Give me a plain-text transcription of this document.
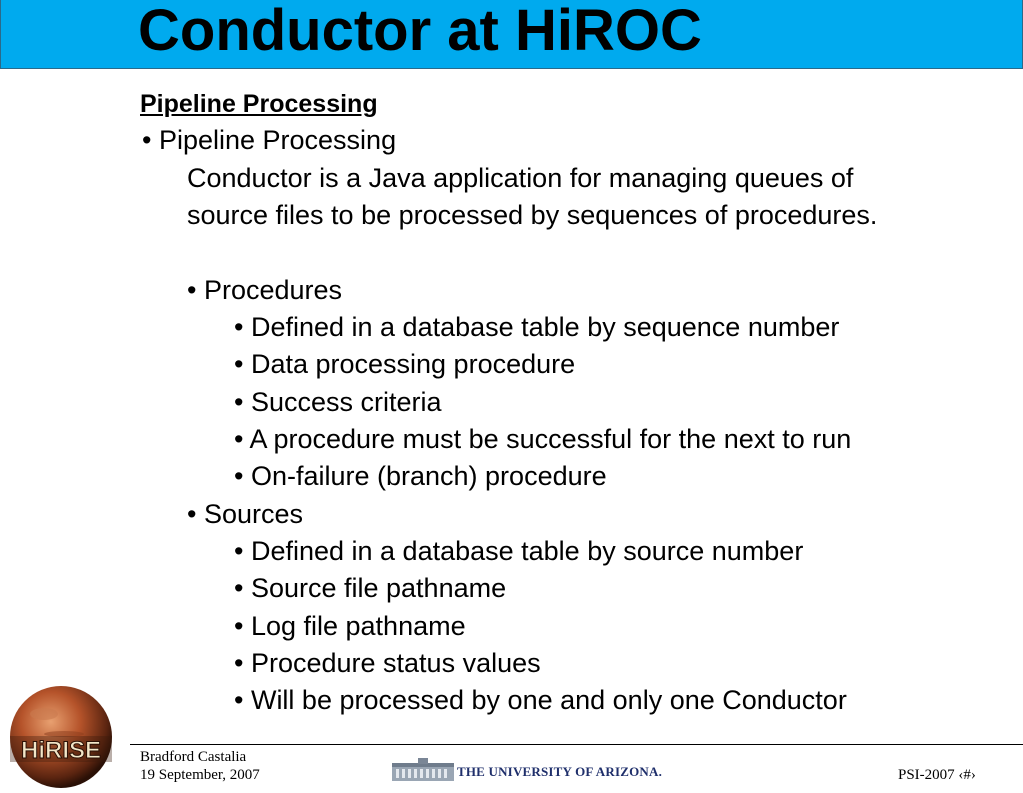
Conductor at HiROC
Pipeline Processing
• Pipeline Processing
Conductor is a Java application for managing queues of
source files to be processed by sequences of procedures.
• Procedures
• Defined in a database table by sequence number
• Data processing procedure
• Success criteria
• A procedure must be successful for the next to run
• On-failure (branch) procedure
• Sources
• Defined in a database table by source number
• Source file pathname
• Log file pathname
• Procedure status values
• Will be processed by one and only one Conductor
HiRISE	Bradford Castalia
19 September, 2007	THE UNIVERSITY OF ARIZONA.	PSI-2007 ‹#›
